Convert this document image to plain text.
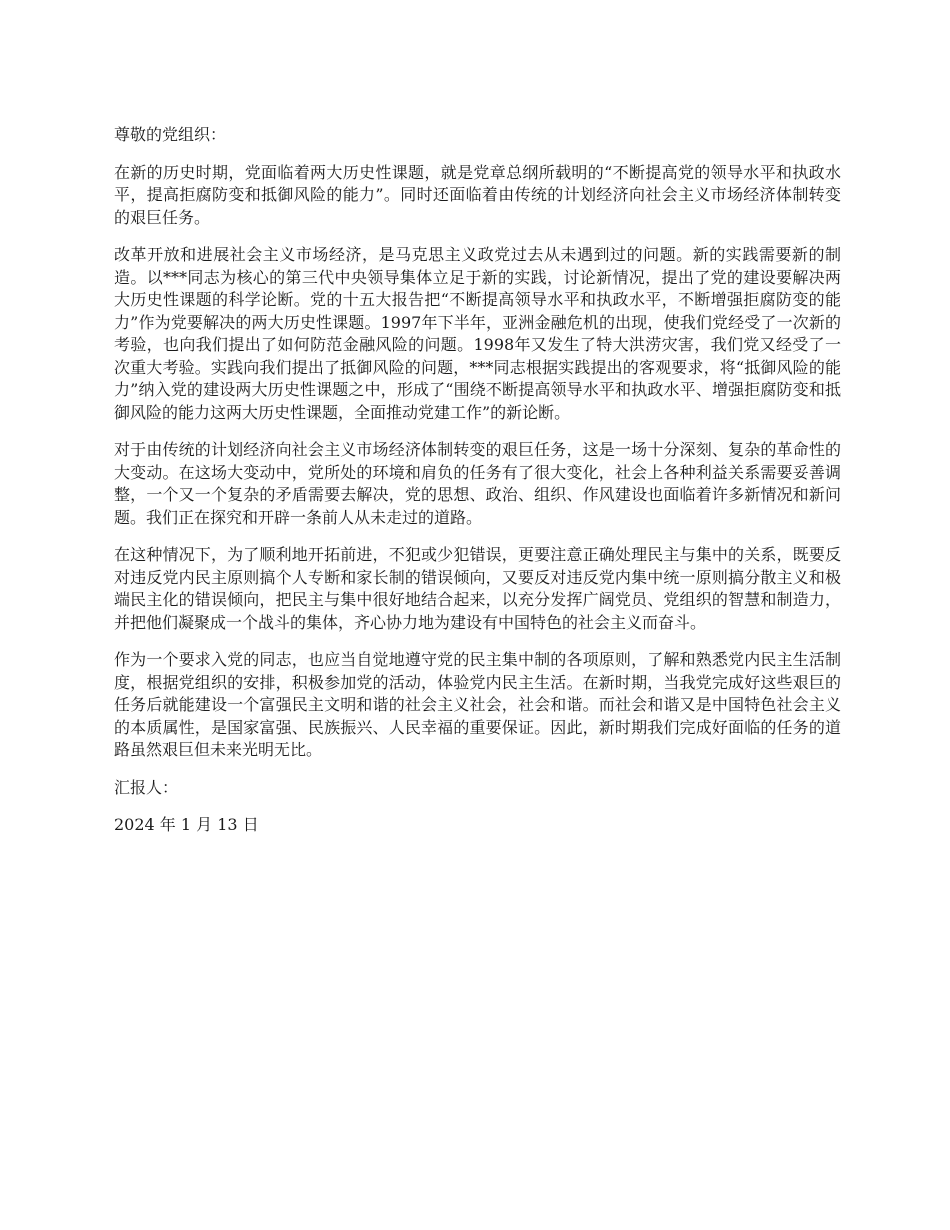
尊敬的党组织：

在新的历史时期，党面临着两大历史性课题，就是党章总纲所载明的“不断提高党的领导水平和执政水平，提高拒腐防变和抵御风险的能力”。同时还面临着由传统的计划经济向社会主义市场经济体制转变的艰巨任务。

改革开放和进展社会主义市场经济，是马克思主义政党过去从未遇到过的问题。新的实践需要新的制造。以***同志为核心的第三代中央领导集体立足于新的实践，讨论新情况，提出了党的建设要解决两大历史性课题的科学论断。党的十五大报告把“不断提高领导水平和执政水平，不断增强拒腐防变的能力”作为党要解决的两大历史性课题。1997年下半年，亚洲金融危机的出现，使我们党经受了一次新的考验，也向我们提出了如何防范金融风险的问题。1998年又发生了特大洪涝灾害，我们党又经受了一次重大考验。实践向我们提出了抵御风险的问题，***同志根据实践提出的客观要求，将“抵御风险的能力”纳入党的建设两大历史性课题之中，形成了“围绕不断提高领导水平和执政水平、增强拒腐防变和抵御风险的能力这两大历史性课题，全面推动党建工作”的新论断。

对于由传统的计划经济向社会主义市场经济体制转变的艰巨任务，这是一场十分深刻、复杂的革命性的大变动。在这场大变动中，党所处的环境和肩负的任务有了很大变化，社会上各种利益关系需要妥善调整，一个又一个复杂的矛盾需要去解决，党的思想、政治、组织、作风建设也面临着许多新情况和新问题。我们正在探究和开辟一条前人从未走过的道路。

在这种情况下，为了顺利地开拓前进，不犯或少犯错误，更要注意正确处理民主与集中的关系，既要反对违反党内民主原则搞个人专断和家长制的错误倾向，又要反对违反党内集中统一原则搞分散主义和极端民主化的错误倾向，把民主与集中很好地结合起来，以充分发挥广阔党员、党组织的智慧和制造力，并把他们凝聚成一个战斗的集体，齐心协力地为建设有中国特色的社会主义而奋斗。

作为一个要求入党的同志，也应当自觉地遵守党的民主集中制的各项原则，了解和熟悉党内民主生活制度，根据党组织的安排，积极参加党的活动，体验党内民主生活。在新时期，当我党完成好这些艰巨的任务后就能建设一个富强民主文明和谐的社会主义社会，社会和谐。而社会和谐又是中国特色社会主义的本质属性，是国家富强、民族振兴、人民幸福的重要保证。因此，新时期我们完成好面临的任务的道路虽然艰巨但未来光明无比。

汇报人：

2024 年 1 月 13 日
